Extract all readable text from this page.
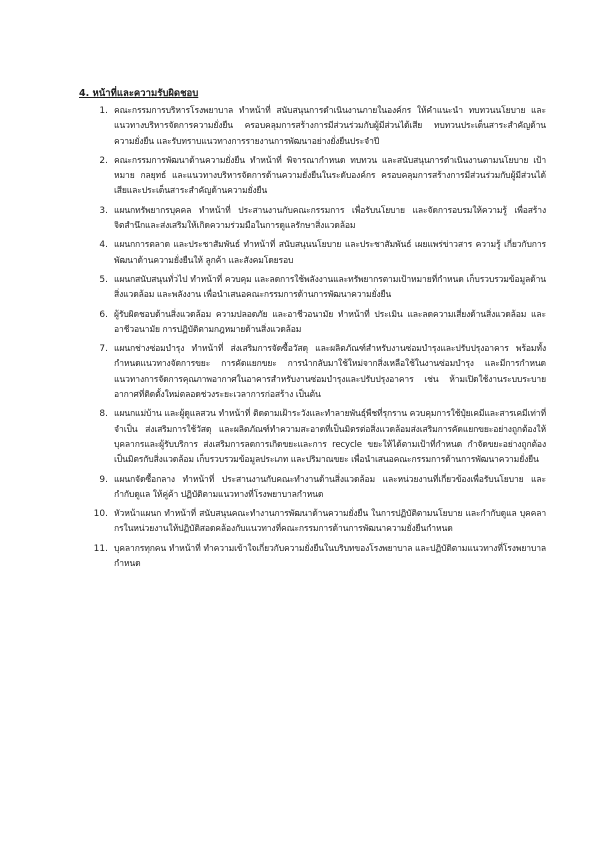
4. หน้าที่และความรับผิดชอบ
1. คณะกรรมการบริหารโรงพยาบาล ทำหน้าที่ สนับสนุนการดำเนินงานภายในองค์กร ให้คำแนะนำ ทบทวนนโยบาย และแนวทางบริหารจัดการความยั่งยืน ครอบคลุมการสร้างการมีส่วนร่วมกับผู้มีส่วนได้เสีย ทบทวนประเด็นสาระสำคัญด้านความยั่งยืน และรับทราบแนวทางการรายงานการพัฒนาอย่างยั่งยืนประจำปี
2. คณะกรรมการพัฒนาด้านความยั่งยืน ทำหน้าที่ พิจารณากำหนด ทบทวน และสนับสนุนการดำเนินงานตามนโยบาย เป้าหมาย กลยุทธ์ และแนวทางบริหารจัดการด้านความยั่งยืนในระดับองค์กร ครอบคลุมการสร้างการมีส่วนร่วมกับผู้มีส่วนได้เสียและประเด็นสาระสำคัญด้านความยั่งยืน
3. แผนกทรัพยากรบุคคล ทำหน้าที่ ประสานงานกับคณะกรรมการ เพื่อรับนโยบาย และจัดการอบรมให้ความรู้ เพื่อสร้างจิตสำนึกและส่งเสริมให้เกิดความร่วมมือในการดูแลรักษาสิ่งแวดล้อม
4. แผนกการตลาด และประชาสัมพันธ์ ทำหน้าที่ สนับสนุนนโยบาย และประชาสัมพันธ์ เผยแพร่ข่าวสาร ความรู้ เกี่ยวกับการพัฒนาด้านความยั่งยืนให้ ลูกค้า และสังคมโดยรอบ
5. แผนกสนับสนุนทั่วไป ทำหน้าที่ ควบคุม และลดการใช้พลังงานและทรัพยากรตามเป้าหมายที่กำหนด เก็บรวบรวมข้อมูลด้านสิ่งแวดล้อม และพลังงาน เพื่อนำเสนอคณะกรรมการด้านการพัฒนาความยั่งยืน
6. ผู้รับผิดชอบด้านสิ่งแวดล้อม ความปลอดภัย และอาชีวอนามัย ทำหน้าที่ ประเมิน และลดความเสี่ยงด้านสิ่งแวดล้อม และอาชีวอนามัย การปฏิบัติตามกฎหมายด้านสิ่งแวดล้อม
7. แผนกช่างซ่อมบำรุง ทำหน้าที่ ส่งเสริมการจัดซื้อวัสดุ และผลิตภัณฑ์สำหรับงานซ่อมบำรุงและปรับปรุงอาคาร พร้อมทั้งกำหนดแนวทางจัดการขยะ การคัดแยกขยะ การนำกลับมาใช้ใหม่จากสิ่งเหลือใช้ในงานซ่อมบำรุง และมีการกำหนดแนวทางการจัดการคุณภาพอากาศในอาคารสำหรับงานซ่อมบำรุงและปรับปรุงอาคาร เช่น ห้ามเปิดใช้งานระบบระบายอากาศที่ติดตั้งใหม่ตลอดช่วงระยะเวลาการก่อสร้าง เป็นต้น
8. แผนกแม่บ้าน และผู้ดูแลสวน ทำหน้าที่ ติดตามเฝ้าระวังและทำลายพันธุ์พืชที่รุกราน ควบคุมการใช้ปุ๋ยเคมีและสารเคมีเท่าที่จำเป็น ส่งเสริมการใช้วัสดุ และผลิตภัณฑ์ทำความสะอาดที่เป็นมิตรต่อสิ่งแวดล้อมส่งเสริมการคัดแยกขยะอย่างถูกต้องให้บุคลากรและผู้รับบริการ ส่งเสริมการลดการเกิดขยะและการ recycle ขยะให้ได้ตามเป้าที่กำหนด กำจัดขยะอย่างถูกต้องเป็นมิตรกับสิ่งแวดล้อม เก็บรวบรวมข้อมูลประเภท และปริมาณขยะ เพื่อนำเสนอคณะกรรมการด้านการพัฒนาความยั่งยืน
9. แผนกจัดซื้อกลาง ทำหน้าที่ ประสานงานกับคณะทำงานด้านสิ่งแวดล้อม และหน่วยงานที่เกี่ยวข้องเพื่อรับนโยบาย และกำกับดูแล ให้คู่ค้า ปฏิบัติตามแนวทางที่โรงพยาบาลกำหนด
10. หัวหน้าแผนก ทำหน้าที่ สนับสนุนคณะทำงานการพัฒนาด้านความยั่งยืน ในการปฏิบัติตามนโยบาย และกำกับดูแล บุคคลากรในหน่วยงานให้ปฏิบัติสอดคล้องกับแนวทางที่คณะกรรมการด้านการพัฒนาความยั่งยืนกำหนด
11. บุคลากรทุกคน ทำหน้าที่ ทำความเข้าใจเกี่ยวกับความยั่งยืนในบริบทของโรงพยาบาล และปฏิบัติตามแนวทางที่โรงพยาบาลกำหนด
